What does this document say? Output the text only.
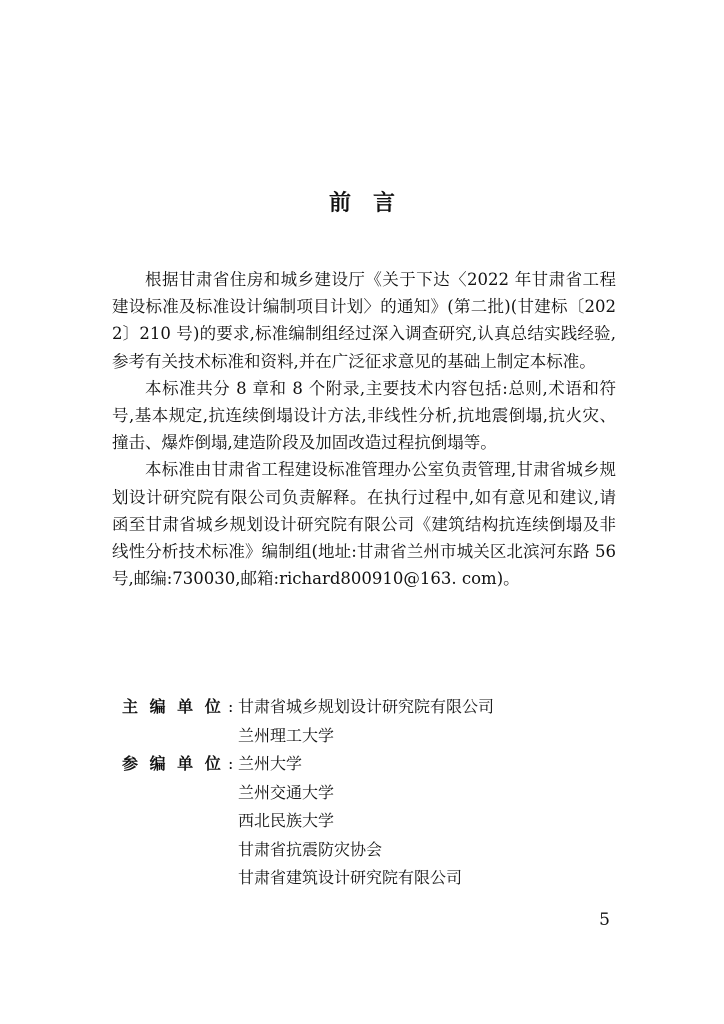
前言

根据甘肃省住房和城乡建设厅《关于下达〈2022 年甘肃省工程建设标准及标准设计编制项目计划〉的通知》(第二批)(甘建标〔2022〕210 号)的要求,标准编制组经过深入调查研究,认真总结实践经验,参考有关技术标准和资料,并在广泛征求意见的基础上制定本标准。

本标准共分 8 章和 8 个附录,主要技术内容包括:总则,术语和符号,基本规定,抗连续倒塌设计方法,非线性分析,抗地震倒塌,抗火灾、撞击、爆炸倒塌,建造阶段及加固改造过程抗倒塌等。

本标准由甘肃省工程建设标准管理办公室负责管理,甘肃省城乡规划设计研究院有限公司负责解释。在执行过程中,如有意见和建议,请函至甘肃省城乡规划设计研究院有限公司《建筑结构抗连续倒塌及非线性分析技术标准》编制组(地址:甘肃省兰州市城关区北滨河东路 56 号,邮编:730030,邮箱:richard800910@163. com)。

主 编 单 位 : 甘肃省城乡规划设计研究院有限公司
兰州理工大学
参 编 单 位 : 兰州大学
兰州交通大学
西北民族大学
甘肃省抗震防灾协会
甘肃省建筑设计研究院有限公司
5
